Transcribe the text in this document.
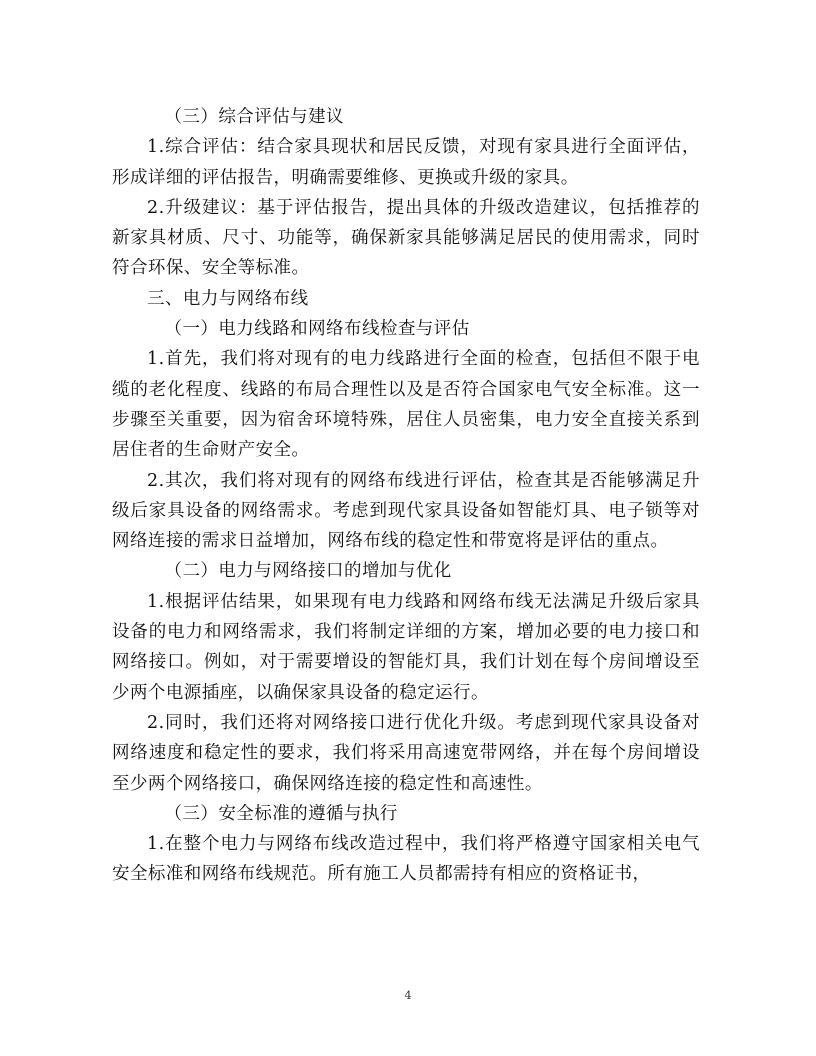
（三）综合评估与建议

1.综合评估：结合家具现状和居民反馈，对现有家具进行全面评估，形成详细的评估报告，明确需要维修、更换或升级的家具。

2.升级建议：基于评估报告，提出具体的升级改造建议，包括推荐的新家具材质、尺寸、功能等，确保新家具能够满足居民的使用需求，同时符合环保、安全等标准。

三、电力与网络布线

（一）电力线路和网络布线检查与评估

1.首先，我们将对现有的电力线路进行全面的检查，包括但不限于电缆的老化程度、线路的布局合理性以及是否符合国家电气安全标准。这一步骤至关重要，因为宿舍环境特殊，居住人员密集，电力安全直接关系到居住者的生命财产安全。

2.其次，我们将对现有的网络布线进行评估，检查其是否能够满足升级后家具设备的网络需求。考虑到现代家具设备如智能灯具、电子锁等对网络连接的需求日益增加，网络布线的稳定性和带宽将是评估的重点。

（二）电力与网络接口的增加与优化

1.根据评估结果，如果现有电力线路和网络布线无法满足升级后家具设备的电力和网络需求，我们将制定详细的方案，增加必要的电力接口和网络接口。例如，对于需要增设的智能灯具，我们计划在每个房间增设至少两个电源插座，以确保家具设备的稳定运行。

2.同时，我们还将对网络接口进行优化升级。考虑到现代家具设备对网络速度和稳定性的要求，我们将采用高速宽带网络，并在每个房间增设至少两个网络接口，确保网络连接的稳定性和高速性。

（三）安全标准的遵循与执行

1.在整个电力与网络布线改造过程中，我们将严格遵守国家相关电气安全标准和网络布线规范。所有施工人员都需持有相应的资格证书，

4
